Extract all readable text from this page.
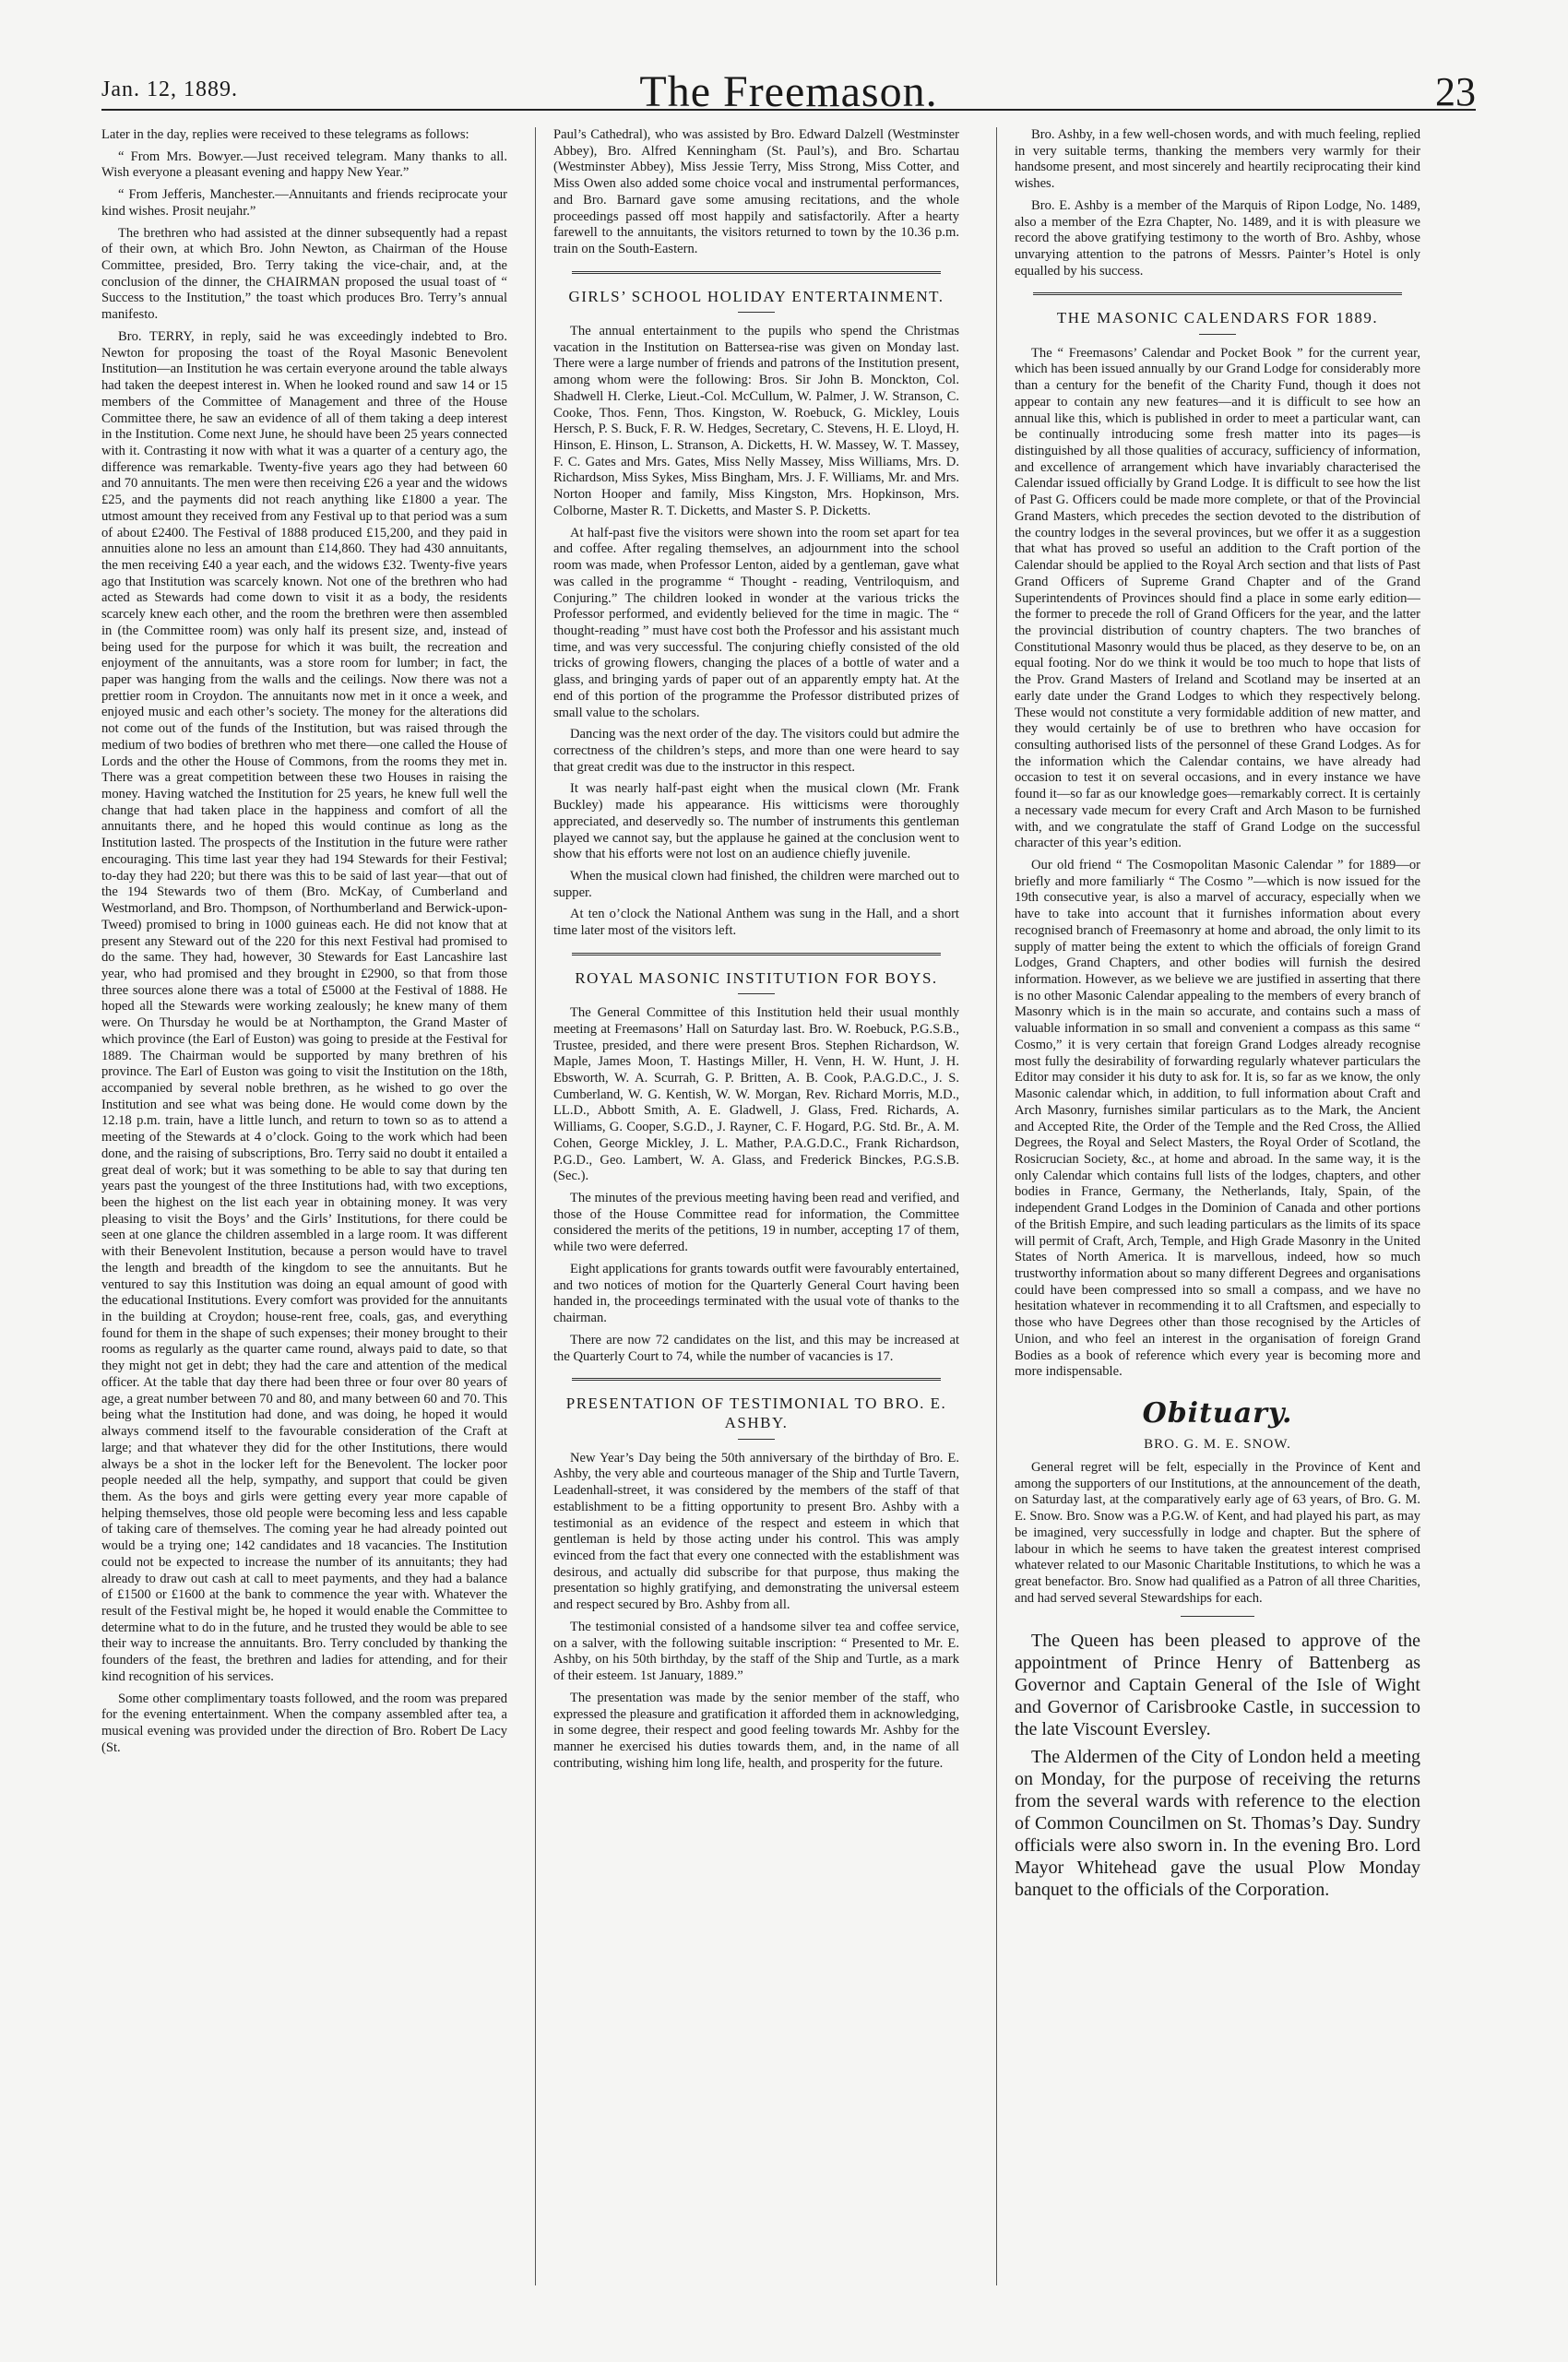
Jan. 12, 1889.	The Freemason.	23

Later in the day, replies were received to these telegrams as follows:

“ From Mrs. Bowyer.—Just received telegram. Many thanks to all. Wish everyone a pleasant evening and happy New Year.”

“ From Jefferis, Manchester.—Annuitants and friends reciprocate your kind wishes. Prosit neujahr.”

The brethren who had assisted at the dinner subsequently had a repast of their own, at which Bro. John Newton, as Chairman of the House Committee, presided, Bro. Terry taking the vice-chair, and, at the conclusion of the dinner, the CHAIRMAN proposed the usual toast of “ Success to the Institution,” the toast which produces Bro. Terry’s annual manifesto.

Bro. TERRY, in reply, said he was exceedingly indebted to Bro. Newton for proposing the toast of the Royal Masonic Benevolent Institution—an Institution he was certain everyone around the table always had taken the deepest interest in. When he looked round and saw 14 or 15 members of the Committee of Management and three of the House Committee there, he saw an evidence of all of them taking a deep interest in the Institution. Come next June, he should have been 25 years connected with it. Contrasting it now with what it was a quarter of a century ago, the difference was remarkable. Twenty-five years ago they had between 60 and 70 annuitants. The men were then receiving £26 a year and the widows £25, and the payments did not reach anything like £1800 a year. The utmost amount they received from any Festival up to that period was a sum of about £2400. The Festival of 1888 produced £15,200, and they paid in annuities alone no less an amount than £14,860. They had 430 annuitants, the men receiving £40 a year each, and the widows £32. Twenty-five years ago that Institution was scarcely known. Not one of the brethren who had acted as Stewards had come down to visit it as a body, the residents scarcely knew each other, and the room the brethren were then assembled in (the Committee room) was only half its present size, and, instead of being used for the purpose for which it was built, the recreation and enjoyment of the annuitants, was a store room for lumber; in fact, the paper was hanging from the walls and the ceilings. Now there was not a prettier room in Croydon. The annuitants now met in it once a week, and enjoyed music and each other’s society. The money for the alterations did not come out of the funds of the Institution, but was raised through the medium of two bodies of brethren who met there—one called the House of Lords and the other the House of Commons, from the rooms they met in. There was a great competition between these two Houses in raising the money. Having watched the Institution for 25 years, he knew full well the change that had taken place in the happiness and comfort of all the annuitants there, and he hoped this would continue as long as the Institution lasted. The prospects of the Institution in the future were rather encouraging. This time last year they had 194 Stewards for their Festival; to-day they had 220; but there was this to be said of last year—that out of the 194 Stewards two of them (Bro. McKay, of Cumberland and Westmorland, and Bro. Thompson, of Northumberland and Berwick-upon-Tweed) promised to bring in 1000 guineas each. He did not know that at present any Steward out of the 220 for this next Festival had promised to do the same. They had, however, 30 Stewards for East Lancashire last year, who had promised and they brought in £2900, so that from those three sources alone there was a total of £5000 at the Festival of 1888. He hoped all the Stewards were working zealously; he knew many of them were. On Thursday he would be at Northampton, the Grand Master of which province (the Earl of Euston) was going to preside at the Festival for 1889. The Chairman would be supported by many brethren of his province. The Earl of Euston was going to visit the Institution on the 18th, accompanied by several noble brethren, as he wished to go over the Institution and see what was being done. He would come down by the 12.18 p.m. train, have a little lunch, and return to town so as to attend a meeting of the Stewards at 4 o’clock. Going to the work which had been done, and the raising of subscriptions, Bro. Terry said no doubt it entailed a great deal of work; but it was something to be able to say that during ten years past the youngest of the three Institutions had, with two exceptions, been the highest on the list each year in obtaining money. It was very pleasing to visit the Boys’ and the Girls’ Institutions, for there could be seen at one glance the children assembled in a large room. It was different with their Benevolent Institution, because a person would have to travel the length and breadth of the kingdom to see the annuitants. But he ventured to say this Institution was doing an equal amount of good with the educational Institutions. Every comfort was provided for the annuitants in the building at Croydon; house-rent free, coals, gas, and everything found for them in the shape of such expenses; their money brought to their rooms as regularly as the quarter came round, always paid to date, so that they might not get in debt; they had the care and attention of the medical officer. At the table that day there had been three or four over 80 years of age, a great number between 70 and 80, and many between 60 and 70. This being what the Institution had done, and was doing, he hoped it would always commend itself to the favourable consideration of the Craft at large; and that whatever they did for the other Institutions, there would always be a shot in the locker left for the Benevolent. The locker poor people needed all the help, sympathy, and support that could be given them. As the boys and girls were getting every year more capable of helping themselves, those old people were becoming less and less capable of taking care of themselves. The coming year he had already pointed out would be a trying one; 142 candidates and 18 vacancies. The Institution could not be expected to increase the number of its annuitants; they had already to draw out cash at call to meet payments, and they had a balance of £1500 or £1600 at the bank to commence the year with. Whatever the result of the Festival might be, he hoped it would enable the Committee to determine what to do in the future, and he trusted they would be able to see their way to increase the annuitants. Bro. Terry concluded by thanking the founders of the feast, the brethren and ladies for attending, and for their kind recognition of his services.

Some other complimentary toasts followed, and the room was prepared for the evening entertainment. When the company assembled after tea, a musical evening was provided under the direction of Bro. Robert De Lacy (St.

Paul’s Cathedral), who was assisted by Bro. Edward Dalzell (Westminster Abbey), Bro. Alfred Kenningham (St. Paul’s), and Bro. Schartau (Westminster Abbey), Miss Jessie Terry, Miss Strong, Miss Cotter, and Miss Owen also added some choice vocal and instrumental performances, and Bro. Barnard gave some amusing recitations, and the whole proceedings passed off most happily and satisfactorily. After a hearty farewell to the annuitants, the visitors returned to town by the 10.36 p.m. train on the South-Eastern.

GIRLS’ SCHOOL HOLIDAY ENTERTAINMENT.

The annual entertainment to the pupils who spend the Christmas vacation in the Institution on Battersea-rise was given on Monday last. There were a large number of friends and patrons of the Institution present, among whom were the following: Bros. Sir John B. Monckton, Col. Shadwell H. Clerke, Lieut.-Col. McCullum, W. Palmer, J. W. Stranson, C. Cooke, Thos. Fenn, Thos. Kingston, W. Roebuck, G. Mickley, Louis Hersch, P. S. Buck, F. R. W. Hedges, Secretary, C. Stevens, H. E. Lloyd, H. Hinson, E. Hinson, L. Stranson, A. Dicketts, H. W. Massey, W. T. Massey, F. C. Gates and Mrs. Gates, Miss Nelly Massey, Miss Williams, Mrs. D. Richardson, Miss Sykes, Miss Bingham, Mrs. J. F. Williams, Mr. and Mrs. Norton Hooper and family, Miss Kingston, Mrs. Hopkinson, Mrs. Colborne, Master R. T. Dicketts, and Master S. P. Dicketts.

At half-past five the visitors were shown into the room set apart for tea and coffee. After regaling themselves, an adjournment into the school room was made, when Professor Lenton, aided by a gentleman, gave what was called in the programme “ Thought - reading, Ventriloquism, and Conjuring.” The children looked in wonder at the various tricks the Professor performed, and evidently believed for the time in magic. The “ thought-reading ” must have cost both the Professor and his assistant much time, and was very successful. The conjuring chiefly consisted of the old tricks of growing flowers, changing the places of a bottle of water and a glass, and bringing yards of paper out of an apparently empty hat. At the end of this portion of the programme the Professor distributed prizes of small value to the scholars.

Dancing was the next order of the day. The visitors could but admire the correctness of the children’s steps, and more than one were heard to say that great credit was due to the instructor in this respect.

It was nearly half-past eight when the musical clown (Mr. Frank Buckley) made his appearance. His witticisms were thoroughly appreciated, and deservedly so. The number of instruments this gentleman played we cannot say, but the applause he gained at the conclusion went to show that his efforts were not lost on an audience chiefly juvenile.

When the musical clown had finished, the children were marched out to supper.

At ten o’clock the National Anthem was sung in the Hall, and a short time later most of the visitors left.

ROYAL MASONIC INSTITUTION FOR BOYS.

The General Committee of this Institution held their usual monthly meeting at Freemasons’ Hall on Saturday last. Bro. W. Roebuck, P.G.S.B., Trustee, presided, and there were present Bros. Stephen Richardson, W. Maple, James Moon, T. Hastings Miller, H. Venn, H. W. Hunt, J. H. Ebsworth, W. A. Scurrah, G. P. Britten, A. B. Cook, P.A.G.D.C., J. S. Cumberland, W. G. Kentish, W. W. Morgan, Rev. Richard Morris, M.D., LL.D., Abbott Smith, A. E. Gladwell, J. Glass, Fred. Richards, A. Williams, G. Cooper, S.G.D., J. Rayner, C. F. Hogard, P.G. Std. Br., A. M. Cohen, George Mickley, J. L. Mather, P.A.G.D.C., Frank Richardson, P.G.D., Geo. Lambert, W. A. Glass, and Frederick Binckes, P.G.S.B. (Sec.).

The minutes of the previous meeting having been read and verified, and those of the House Committee read for information, the Committee considered the merits of the petitions, 19 in number, accepting 17 of them, while two were deferred.

Eight applications for grants towards outfit were favourably entertained, and two notices of motion for the Quarterly General Court having been handed in, the proceedings terminated with the usual vote of thanks to the chairman.

There are now 72 candidates on the list, and this may be increased at the Quarterly Court to 74, while the number of vacancies is 17.

PRESENTATION OF TESTIMONIAL TO BRO. E. ASHBY.

New Year’s Day being the 50th anniversary of the birthday of Bro. E. Ashby, the very able and courteous manager of the Ship and Turtle Tavern, Leadenhall-street, it was considered by the members of the staff of that establishment to be a fitting opportunity to present Bro. Ashby with a testimonial as an evidence of the respect and esteem in which that gentleman is held by those acting under his control. This was amply evinced from the fact that every one connected with the establishment was desirous, and actually did subscribe for that purpose, thus making the presentation so highly gratifying, and demonstrating the universal esteem and respect secured by Bro. Ashby from all.

The testimonial consisted of a handsome silver tea and coffee service, on a salver, with the following suitable inscription: “ Presented to Mr. E. Ashby, on his 50th birthday, by the staff of the Ship and Turtle, as a mark of their esteem. 1st January, 1889.”

The presentation was made by the senior member of the staff, who expressed the pleasure and gratification it afforded them in acknowledging, in some degree, their respect and good feeling towards Mr. Ashby for the manner he exercised his duties towards them, and, in the name of all contributing, wishing him long life, health, and prosperity for the future.

Bro. Ashby, in a few well-chosen words, and with much feeling, replied in very suitable terms, thanking the members very warmly for their handsome present, and most sincerely and heartily reciprocating their kind wishes.

Bro. E. Ashby is a member of the Marquis of Ripon Lodge, No. 1489, also a member of the Ezra Chapter, No. 1489, and it is with pleasure we record the above gratifying testimony to the worth of Bro. Ashby, whose unvarying attention to the patrons of Messrs. Painter’s Hotel is only equalled by his success.

THE MASONIC CALENDARS FOR 1889.

The “ Freemasons’ Calendar and Pocket Book ” for the current year, which has been issued annually by our Grand Lodge for considerably more than a century for the benefit of the Charity Fund, though it does not appear to contain any new features—and it is difficult to see how an annual like this, which is published in order to meet a particular want, can be continually introducing some fresh matter into its pages—is distinguished by all those qualities of accuracy, sufficiency of information, and excellence of arrangement which have invariably characterised the Calendar issued officially by Grand Lodge. It is difficult to see how the list of Past G. Officers could be made more complete, or that of the Provincial Grand Masters, which precedes the section devoted to the distribution of the country lodges in the several provinces, but we offer it as a suggestion that what has proved so useful an addition to the Craft portion of the Calendar should be applied to the Royal Arch section and that lists of Past Grand Officers of Supreme Grand Chapter and of the Grand Superintendents of Provinces should find a place in some early edition—the former to precede the roll of Grand Officers for the year, and the latter the provincial distribution of country chapters. The two branches of Constitutional Masonry would thus be placed, as they deserve to be, on an equal footing. Nor do we think it would be too much to hope that lists of the Prov. Grand Masters of Ireland and Scotland may be inserted at an early date under the Grand Lodges to which they respectively belong. These would not constitute a very formidable addition of new matter, and they would certainly be of use to brethren who have occasion for consulting authorised lists of the personnel of these Grand Lodges. As for the information which the Calendar contains, we have already had occasion to test it on several occasions, and in every instance we have found it—so far as our knowledge goes—remarkably correct. It is certainly a necessary vade mecum for every Craft and Arch Mason to be furnished with, and we congratulate the staff of Grand Lodge on the successful character of this year’s edition.

Our old friend “ The Cosmopolitan Masonic Calendar ” for 1889—or briefly and more familiarly “ The Cosmo ”—which is now issued for the 19th consecutive year, is also a marvel of accuracy, especially when we have to take into account that it furnishes information about every recognised branch of Freemasonry at home and abroad, the only limit to its supply of matter being the extent to which the officials of foreign Grand Lodges, Grand Chapters, and other bodies will furnish the desired information. However, as we believe we are justified in asserting that there is no other Masonic Calendar appealing to the members of every branch of Masonry which is in the main so accurate, and contains such a mass of valuable information in so small and convenient a compass as this same “ Cosmo,” it is very certain that foreign Grand Lodges already recognise most fully the desirability of forwarding regularly whatever particulars the Editor may consider it his duty to ask for. It is, so far as we know, the only Masonic calendar which, in addition, to full information about Craft and Arch Masonry, furnishes similar particulars as to the Mark, the Ancient and Accepted Rite, the Order of the Temple and the Red Cross, the Allied Degrees, the Royal and Select Masters, the Royal Order of Scotland, the Rosicrucian Society, &c., at home and abroad. In the same way, it is the only Calendar which contains full lists of the lodges, chapters, and other bodies in France, Germany, the Netherlands, Italy, Spain, of the independent Grand Lodges in the Dominion of Canada and other portions of the British Empire, and such leading particulars as the limits of its space will permit of Craft, Arch, Temple, and High Grade Masonry in the United States of North America. It is marvellous, indeed, how so much trustworthy information about so many different Degrees and organisations could have been compressed into so small a compass, and we have no hesitation whatever in recommending it to all Craftsmen, and especially to those who have Degrees other than those recognised by the Articles of Union, and who feel an interest in the organisation of foreign Grand Bodies as a book of reference which every year is becoming more and more indispensable.

Obituary.
BRO. G. M. E. SNOW.

General regret will be felt, especially in the Province of Kent and among the supporters of our Institutions, at the announcement of the death, on Saturday last, at the comparatively early age of 63 years, of Bro. G. M. E. Snow. Bro. Snow was a P.G.W. of Kent, and had played his part, as may be imagined, very successfully in lodge and chapter. But the sphere of labour in which he seems to have taken the greatest interest comprised whatever related to our Masonic Charitable Institutions, to which he was a great benefactor. Bro. Snow had qualified as a Patron of all three Charities, and had served several Stewardships for each.

The Queen has been pleased to approve of the appointment of Prince Henry of Battenberg as Governor and Captain General of the Isle of Wight and Governor of Carisbrooke Castle, in succession to the late Viscount Eversley.

The Aldermen of the City of London held a meeting on Monday, for the purpose of receiving the returns from the several wards with reference to the election of Common Councilmen on St. Thomas’s Day. Sundry officials were also sworn in. In the evening Bro. Lord Mayor Whitehead gave the usual Plow Monday banquet to the officials of the Corporation.
